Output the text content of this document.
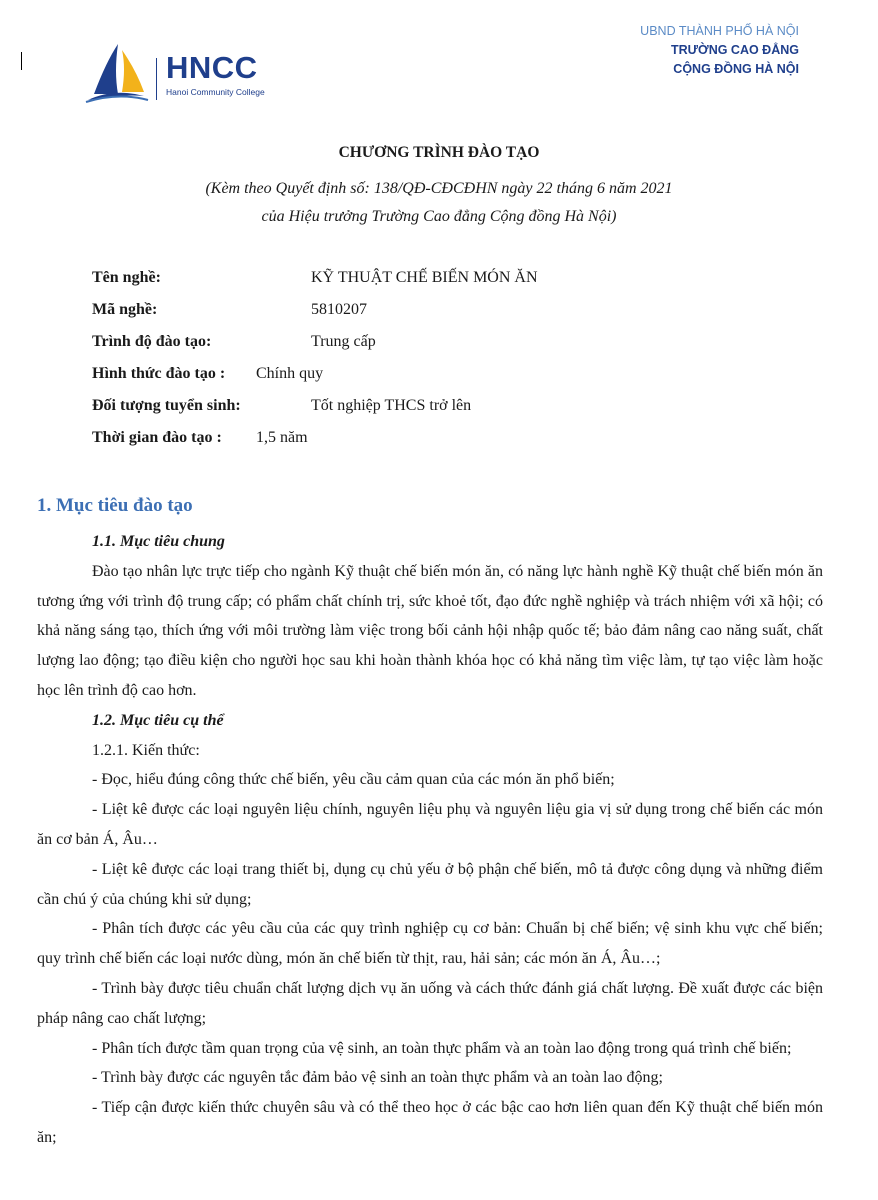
HNCC
Hanoi Community College
UBND THÀNH PHỐ HÀ NỘI
TRƯỜNG CAO ĐẲNG
CỘNG ĐỒNG HÀ NỘI
CHƯƠNG TRÌNH ĐÀO TẠO
(Kèm theo Quyết định số: 138/QĐ-CĐCĐHN ngày 22 tháng 6 năm 2021
của Hiệu trưởng Trường Cao đẳng Cộng đồng Hà Nội)
Tên nghề:	KỸ THUẬT CHẾ BIẾN MÓN ĂN
Mã nghề:	5810207
Trình độ đào tạo:	Trung cấp
Hình thức đào tạo : Chính quy
Đối tượng tuyển sinh:	Tốt nghiệp THCS trở lên
Thời gian đào tạo : 1,5 năm
1. Mục tiêu đào tạo
1.1. Mục tiêu chung

Đào tạo nhân lực trực tiếp cho ngành Kỹ thuật chế biến món ăn, có năng lực hành nghề Kỹ thuật chế biến món ăn tương ứng với trình độ trung cấp; có phẩm chất chính trị, sức khoẻ tốt, đạo đức nghề nghiệp và trách nhiệm với xã hội; có khả năng sáng tạo, thích ứng với môi trường làm việc trong bối cảnh hội nhập quốc tế; bảo đảm nâng cao năng suất, chất lượng lao động; tạo điều kiện cho người học sau khi hoàn thành khóa học có khả năng tìm việc làm, tự tạo việc làm hoặc học lên trình độ cao hơn.

1.2. Mục tiêu cụ thể
1.2.1. Kiến thức:

- Đọc, hiểu đúng công thức chế biến, yêu cầu cảm quan của các món ăn phổ biến;

- Liệt kê được các loại nguyên liệu chính, nguyên liệu phụ và nguyên liệu gia vị sử dụng trong chế biến các món ăn cơ bản Á, Âu…

- Liệt kê được các loại trang thiết bị, dụng cụ chủ yếu ở bộ phận chế biến, mô tả được công dụng và những điểm cần chú ý của chúng khi sử dụng;

- Phân tích được các yêu cầu của các quy trình nghiệp cụ cơ bản: Chuẩn bị chế biến; vệ sinh khu vực chế biến; quy trình chế biến các loại nước dùng, món ăn chế biến từ thịt, rau, hải sản; các món ăn Á, Âu…;

- Trình bày được tiêu chuẩn chất lượng dịch vụ ăn uống và cách thức đánh giá chất lượng. Đề xuất được các biện pháp nâng cao chất lượng;

- Phân tích được tầm quan trọng của vệ sinh, an toàn thực phẩm và an toàn lao động trong quá trình chế biến;

- Trình bày được các nguyên tắc đảm bảo vệ sinh an toàn thực phẩm và an toàn lao động;

- Tiếp cận được kiến thức chuyên sâu và có thể theo học ở các bậc cao hơn liên quan đến Kỹ thuật chế biến món ăn;
